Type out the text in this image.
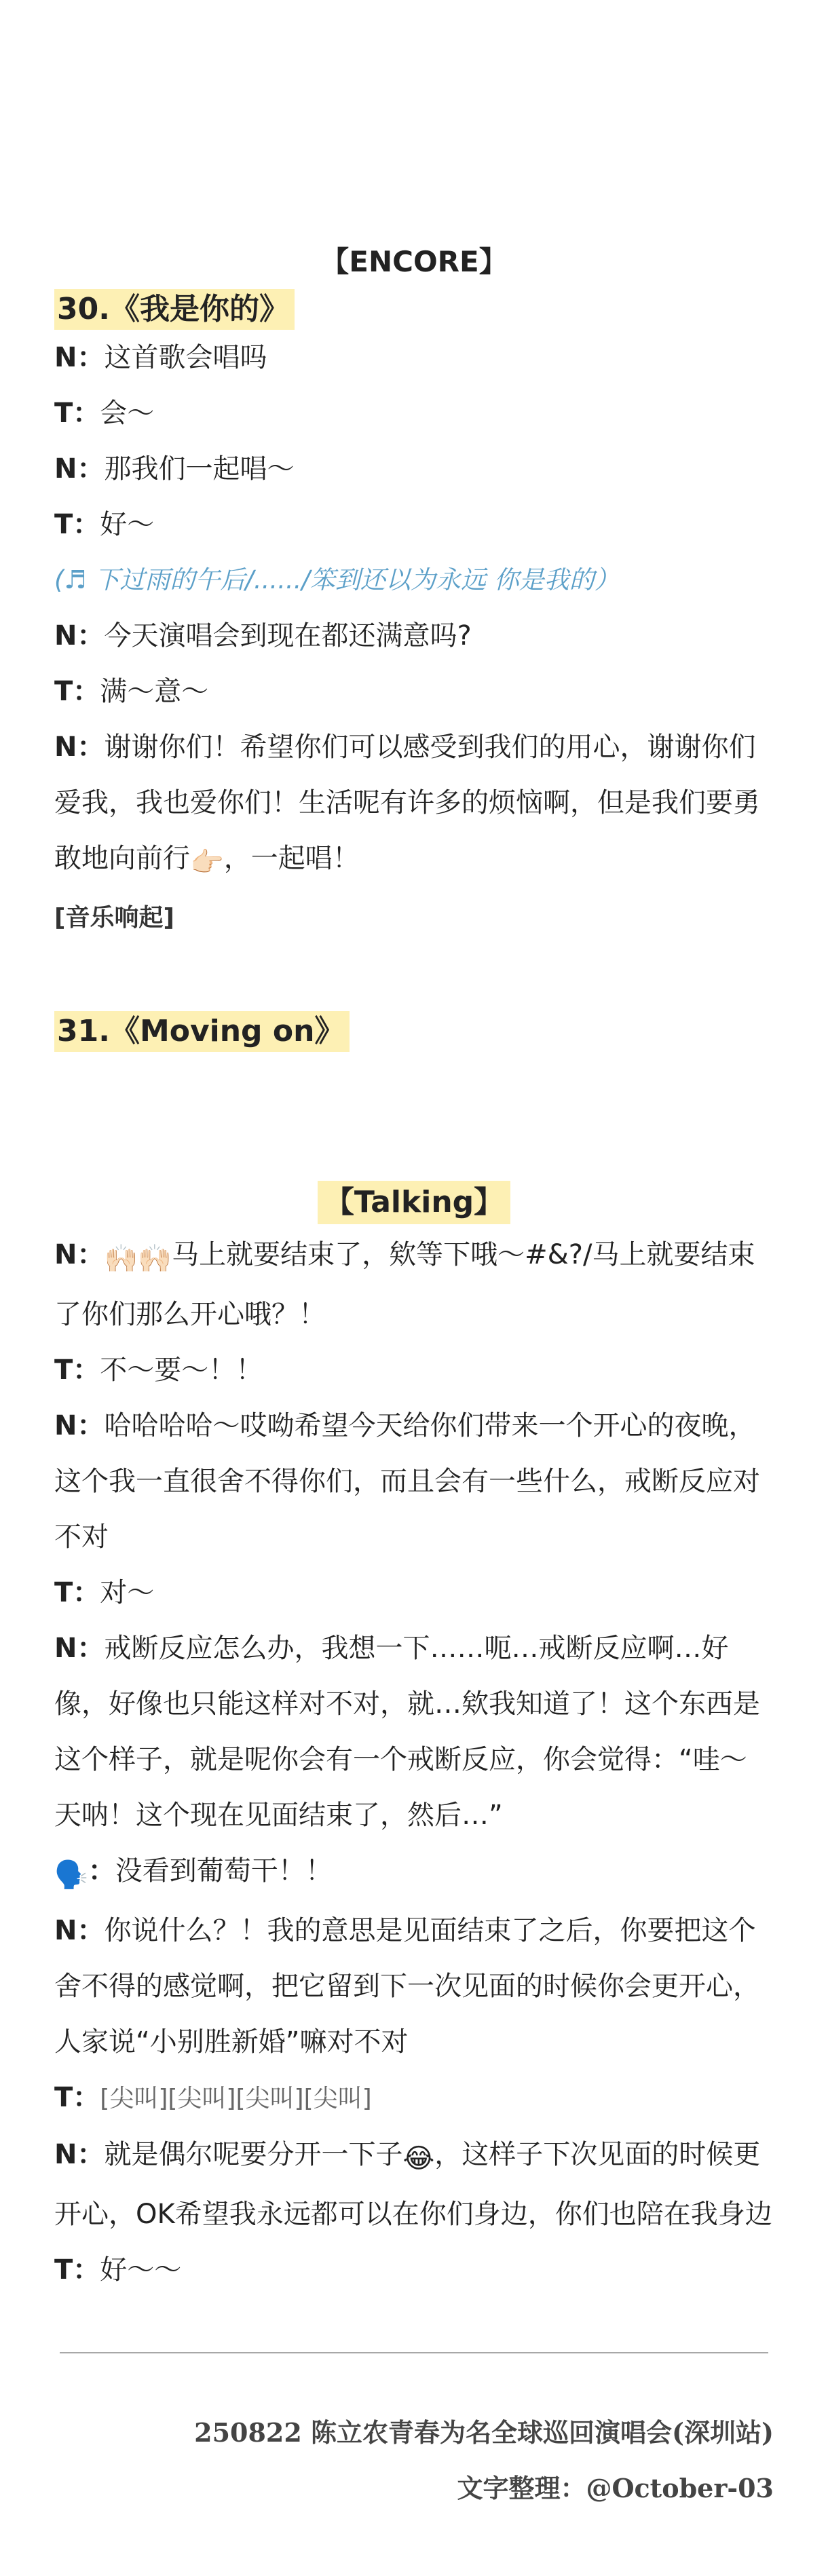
【ENCORE】

30.《我是你的》

N：这首歌会唱吗

T：会～

N：那我们一起唱～

T：好～

(♬ 下过雨的午后/....../笨到还以为永远 你是我的）

N：今天演唱会到现在都还满意吗?

T：满～意～

N：谢谢你们！希望你们可以感受到我们的用心，谢谢你们爱我，我也爱你们！生活呢有许多的烦恼啊，但是我们要勇敢地向前行👉🏻，一起唱！

[音乐响起]

31.《Moving on》

【Talking】

N：🙌🏻🙌🏻马上就要结束了，欸等下哦～#&?/马上就要结束了你们那么开心哦？！

T：不～要～！！

N：哈哈哈哈～哎呦希望今天给你们带来一个开心的夜晚，这个我一直很舍不得你们，而且会有一些什么，戒断反应对不对

T：对～

N：戒断反应怎么办，我想一下……呃…戒断反应啊…好像，好像也只能这样对不对，就…欸我知道了！这个东西是这个样子，就是呢你会有一个戒断反应，你会觉得：“哇～天呐！这个现在见面结束了，然后…”

🗣️：没看到葡萄干！！

N：你说什么？！我的意思是见面结束了之后，你要把这个舍不得的感觉啊，把它留到下一次见面的时候你会更开心，人家说“小别胜新婚”嘛对不对

T：[尖叫][尖叫][尖叫][尖叫]

N：就是偶尔呢要分开一下子😂，这样子下次见面的时候更开心，OK希望我永远都可以在你们身边，你们也陪在我身边

T：好～～

250822 陈立农青春为名全球巡回演唱会(深圳站)

文字整理：@October-03
